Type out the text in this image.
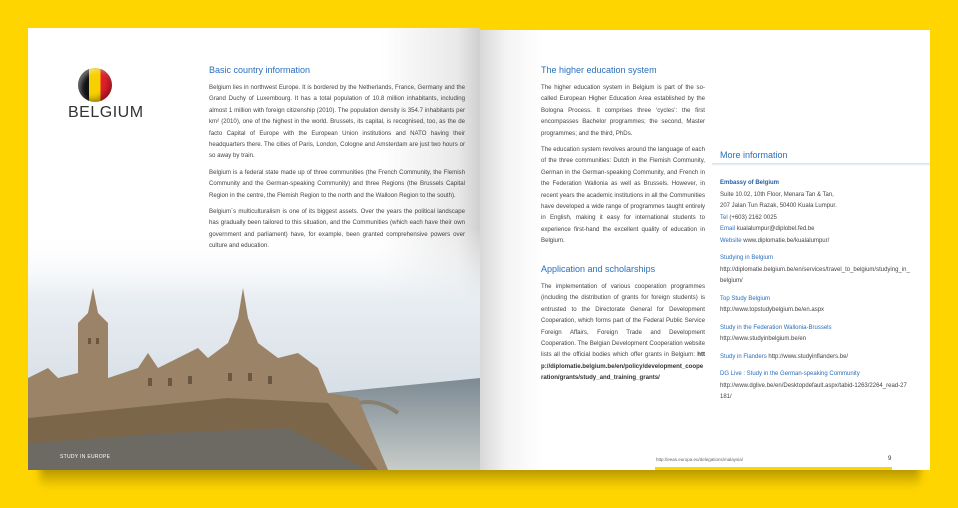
BELGIUM
Basic country information

Belgium lies in northwest Europe. It is bordered by the Netherlands, France, Germany and the Grand Duchy of Luxembourg. It has a total population of 10.8 million inhabitants, including almost 1 million with foreign citizenship (2010). The population density is 354.7 inhabitants per km² (2010), one of the highest in the world. Brussels, its capital, is recognised, too, as the de facto Capital of Europe with the European Union institutions and NATO having their headquarters there. The cities of Paris, London, Cologne and Amsterdam are just two hours or so away by train.

Belgium is a federal state made up of three communities (the French Community, the Flemish Community and the German-speaking Community) and three Regions (the Brussels Capital Region in the centre, the Flemish Region to the north and the Walloon Region to the south).

Belgium`s multiculturalism is one of its biggest assets. Over the years the political landscape has gradually been tailored to this situation, and the Communities (which each have their own government and parliament) have, for example, been granted comprehensive powers over culture and education.

STUDY IN EUROPE
The higher education system

The higher education system in Belgium is part of the so-called European Higher Education Area established by the Bologna Process. It comprises three ‘cycles’: the first encompasses Bachelor programmes; the second, Master programmes; and the third, PhDs.

The education system revolves around the language of each of the three communities: Dutch in the Flemish Community, German in the German-speaking Community, and French in the Federation Wallonia as well as Brussels. However, in recent years the academic institutions in all the Communities have developed a wide range of programmes taught entirely in English, making it easy for international students to experience first-hand the excellent quality of education in Belgium.

Application and scholarships
The implementation of various cooperation programmes (including the distribution of grants for foreign students) is entrusted to the Directorate General for Development Cooperation, which forms part of the Federal Public Service Foreign Affairs, Foreign Trade and Development Cooperation. The Belgian Development Cooperation website lists all the official bodies which offer grants in Belgium: http://diplomatie.belgium.be/en/policy/development_cooperation/grants/study_and_training_grants/
More information
Embassy of Belgium
Suite 10.02, 10th Floor, Menara Tan & Tan,
207 Jalan Tun Razak, 50400 Kuala Lumpur.
Tel (+603) 2162 0025
Email kualalumpur@diplobel.fed.be
Website www.diplomatie.be/kualalumpur/
Studying in Belgium
http://diplomatie.belgium.be/en/services/travel_to_belgium/studying_in_belgium/
Top Study Belgium
http://www.topstudybelgium.be/en.aspx
Study in the Federation Wallonia-Brussels
http://www.studyinbelgium.be/en
Study in Flanders http://www.studyinflanders.be/
DG Live : Study in the German-speaking Community
http://www.dglive.be/en/Desktopdefault.aspx/tabid-1263/2264_read-27181/
http://eeas.europa.eu/delegations/malaysia/	9
